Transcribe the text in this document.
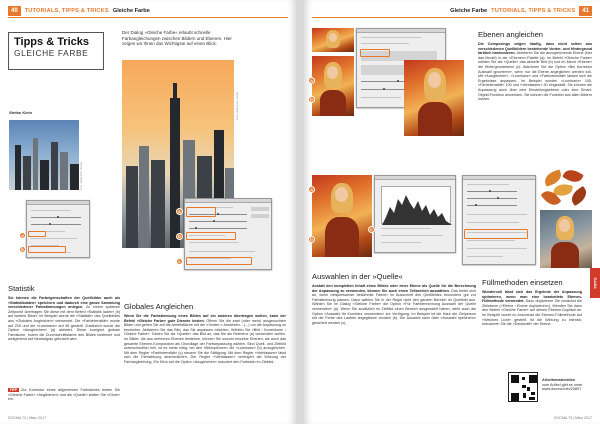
40	TUTORIALS, TIPPS & TRICKS Gleiche Farbe
Tipps & Tricks
GLEICHE FARBE
Stefan Klein
Der Dialog »Gleiche Farbe« erlaubt schnelle Farbangleichungen zwischen Bildern und Ebenen. Hier zeigen wir Ihnen das Wichtigste auf einen Blick.
Foto: Manhattan / fotolia
a
b
Foto: Manhattan / fotolia
a
b
c
Statistik
Sie können die Farbeigenschaften der Quellbilder auch als »Statistikdaten« speichern und dadurch eine ganze Sammlung verschiedener Farbstimmungen anlegen. Zu einem späteren Zeitpunkt übertragen Sie diese mit dem Befehl »Statistik laden« (b) auf weitere Bilder. Im Beispiel wurde die »Statistik« des Quellbildes aus »Globales Angleichen« verwendet. Die »Farbintensität« wurde auf 200 und die »Luminanz« auf 96 gestellt. Zusätzlich wurde die Option »Ausgleichen« (a) aktiviert. Diese korrigiert globale Farbstiche, indem die Durchschnittsfarbe des Bildes bestimmt und weitgehend auf Neutralgrau gebracht wird.
TIPP Zur Korrektur eines allgemeinen Farbstiches bieten Sie »Gleiche Farbe« »Angleichen« und als »Quelle« stellen Sie »Ohne« ein.
Globales Angleichen
Wenn Sie die Farbstimmung eines Bildes auf ein anderes übertragen wollen, kann der Befehl »Gleiche Farbe« gute Dienste leisten. Öffnen Sie die zwei (oder mehr) ausgesuchten Bilder und gehen Sie auf die Arbeitsfläche mit der »Vorder-« Ansichten – (...) um die Anpassung zu beurteilen. Aktivieren Sie das Bild, das Sie anpassen möchten. Wählen Sie »Bild › Korrekturen › Gleiche Farbe«. Geben Sie als »Quelle« das Bild an, das Sie als Referenz (a) verwenden wollen. Im Bilder, die aus mehreren Ebenen bestehen, können Sie sowohl einzelne Ebenen, als auch das gesamte Ebenen-Kompositum als Grundlage der Farbanpassung wählen. Sind Quell- und Zielbild unterschiedlich hell, ist es meist nötig, bei den »Bildoptionen« die »Luminanz« (b) anzugleichen. Mit dem Regler »Farbintensität« (c) steuern Sie die Sättigung. Mit dem Regler »Verblassen« lässt sich die Farbwirkung abschwächen. Der Regler »Verblassen« verringert die Wirkung der Farbangleichung. Ein Klick auf die Option »Ausgleichen« reduziert den Farbstich im Zielbild.
DOCMA 73 | März 2017
Gleiche Farbe TUTORIALS, TIPPS & TRICKS	41
a
b
Ebenen angleichen
Die Composings zeigen häufig, dass nicht selten aus verschiedenen Quellbildern bestehende Vorder- und Hintergrund farblich harmonieren. Aktivieren Sie die anzugleichende Ebene (hier das Model) in der »Ebenen«-Palette (a). Im Befehl »Gleiche Farbe« wählen Sie als »Quelle« das aktuelle Bild (b) und im Menü »Ebene« die Hintergrundebene (c). Aktivieren Sie die Option »Bei Korrektur Auswahl ignorieren«, wenn nur die Ebene angeglichen werden soll. Mit »Ausgleichen«, »Luminanz« und »Farbintensität« lassen sich die Ergebnisse anpassen. Im Beispiel wurden »Luminanz« 105, »Farbintensität« 100 und »Verblassen« 30 eingestellt. Sie können die Anpassung auch über eine Einstellungsebene oder eine Smart-Objekt-Funktion anwenden. Sie können die Funktion aus allen Bildern nutzen.
a
b
c
Auswahlen in der »Quelle«
Anstatt den kompletten Inhalt eines Bildes oder einer Ebene als Quelle für die Berechnung der Anpassung zu verwenden, können Sie auch einen Teilbereich auswählen. Das bietet sich an, wenn beispielsweise bestimmte Farben im Ausschnitt des Quellbildes besonders gut zur Farbstimmung passen. Dazu wählen Sie in der Regel nicht den ganzen Bereich im Quellbild aus. Wählen Sie im Dialog »Gleiche Farbe« die Option »Für Farbberechnung Auswahl der Quelle verwenden« (a). Wenn Sie zusätzlich im Zielbild einen Bereich ausgewählt haben, steht auch die Option »Auswahl für Korrektur verwenden« zur Verfügung. Im Beispiel ist die Haut der Zielperson mit der Farbe des Laubes angeglichen worden (b). Die Auswahl kann über »Auswahl speichern« gesichert werden (c).
Füllmethoden einsetzen
Wundervoll lässt sich das Ergebnis der Anpassung optimieren, wenn man eine bearbeitete Ebenen-Füllmethode verwendet. Dazu duplizieren Sie zunächst die Zielebene (»Ebene › Ebene duplizieren«). Wenden Sie dann den Befehl »Gleiche Farbe« auf diesen Ebenen-Duplikat an. Im Beispiel wurde im Anschluss die Ebenen-Füllmethode auf »Weiches Licht« gestellt. Ist die Wirkung zu intensiv, reduzieren Sie die »Deckkraft« der Ebene.
Arbeitsmaterialien
zum Artikel gibt es unter www.docma.info/20897
TIPPS
DOCMA 73 | März 2017
